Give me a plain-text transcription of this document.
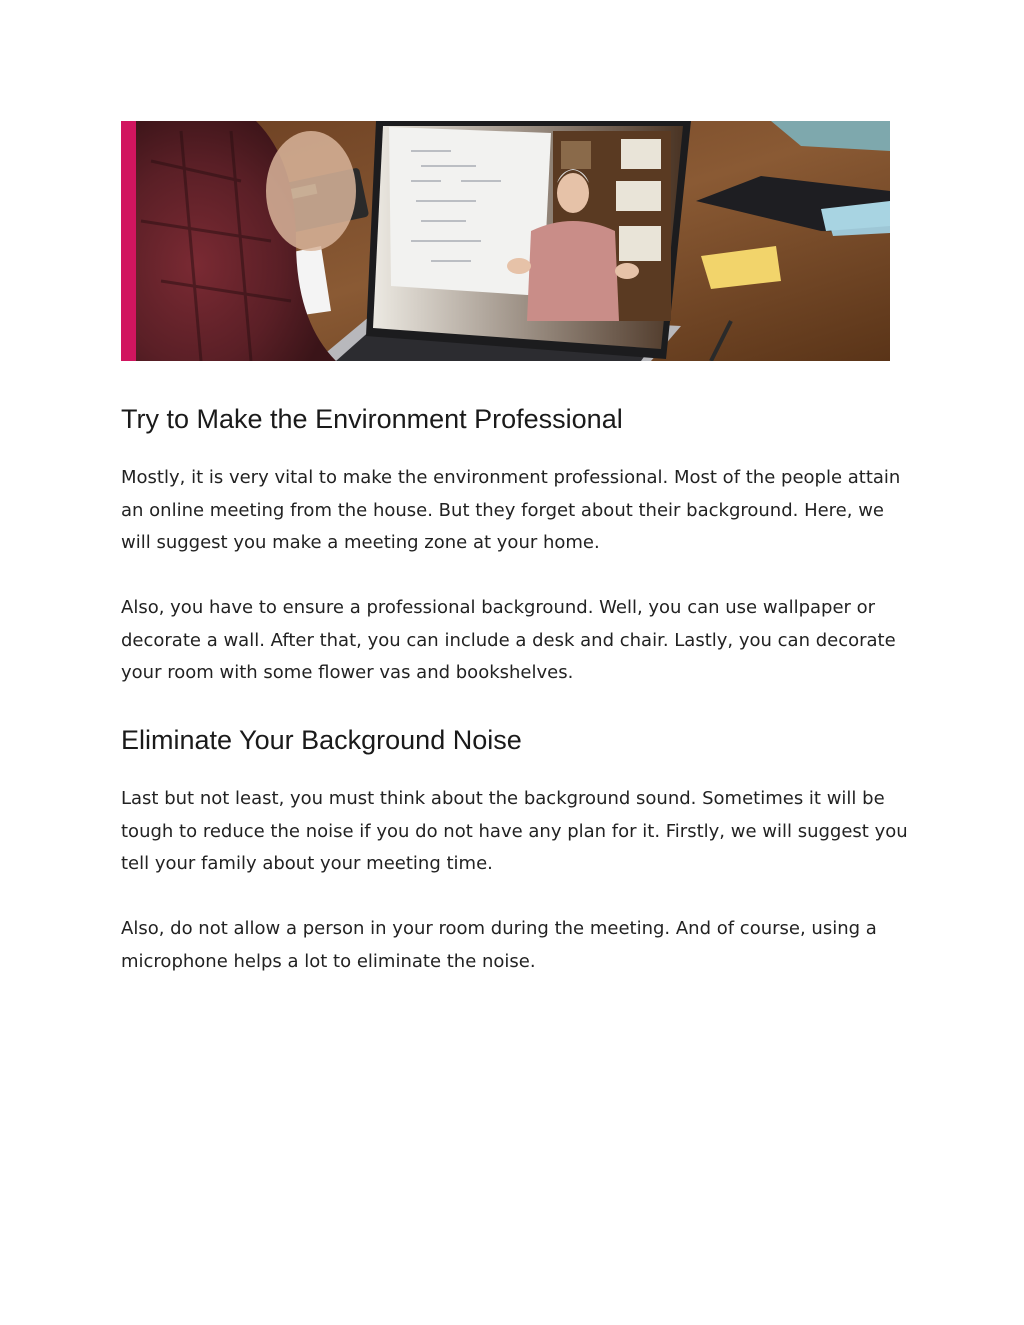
Try to Make the Environment Professional

Mostly, it is very vital to make the environment professional. Most of the people attain an online meeting from the house. But they forget about their background. Here, we will suggest you make a meeting zone at your home.

Also, you have to ensure a professional background. Well, you can use wallpaper or decorate a wall. After that, you can include a desk and chair. Lastly, you can decorate your room with some flower vas and bookshelves.

Eliminate Your Background Noise

Last but not least, you must think about the background sound. Sometimes it will be tough to reduce the noise if you do not have any plan for it. Firstly, we will suggest you tell your family about your meeting time.

Also, do not allow a person in your room during the meeting. And of course, using a microphone helps a lot to eliminate the noise.
